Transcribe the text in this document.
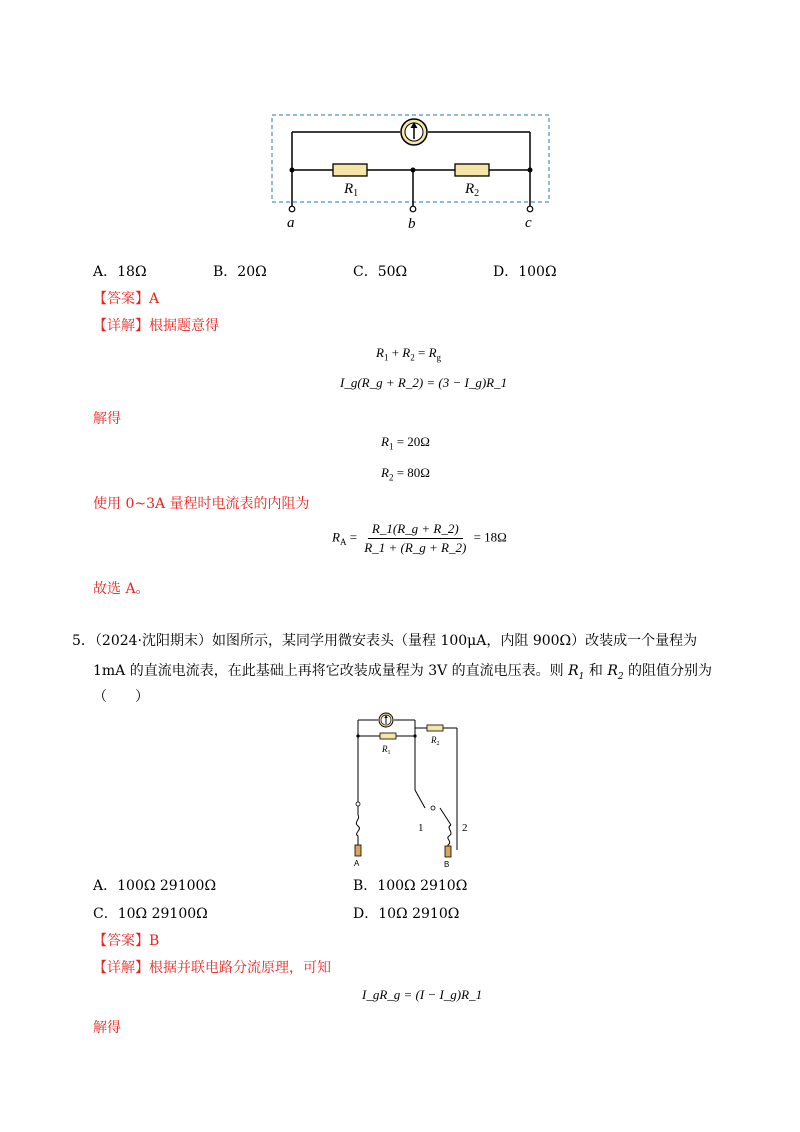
$R_1$	$R_2$
a	b	c
A．18Ω	B．20Ω	C．50Ω	D．100Ω
【答案】A
【详解】根据题意得
$R_1 + R_2 = R_g$
I_g(R_g + R_2) = (3 − I_g)R_1
解得
$R_1 = 20\Omega$
$R_2 = 80\Omega$
使用 0~3A 量程时电流表的内阻为
$R_A = \frac{R\_1(R\_g + R\_2)}{R\_1 + (R\_g + R\_2)} = 18\Omega$
故选 A。
5．（2024·沈阳期末）如图所示，某同学用微安表头（量程 100μA，内阻 900Ω）改装成一个量程为
1mA 的直流电流表，在此基础上再将它改装成量程为 3V 的直流电压表。则 $R_1$ 和 $R_2$ 的阻值分别为
（　　）
$R_1$
$R_2$
1	2
A	B
A．100Ω 29100Ω	B．100Ω 2910Ω
C．10Ω 29100Ω	D．10Ω 2910Ω
【答案】B
【详解】根据并联电路分流原理，可知
I_gR_g = (I − I_g)R_1
解得
